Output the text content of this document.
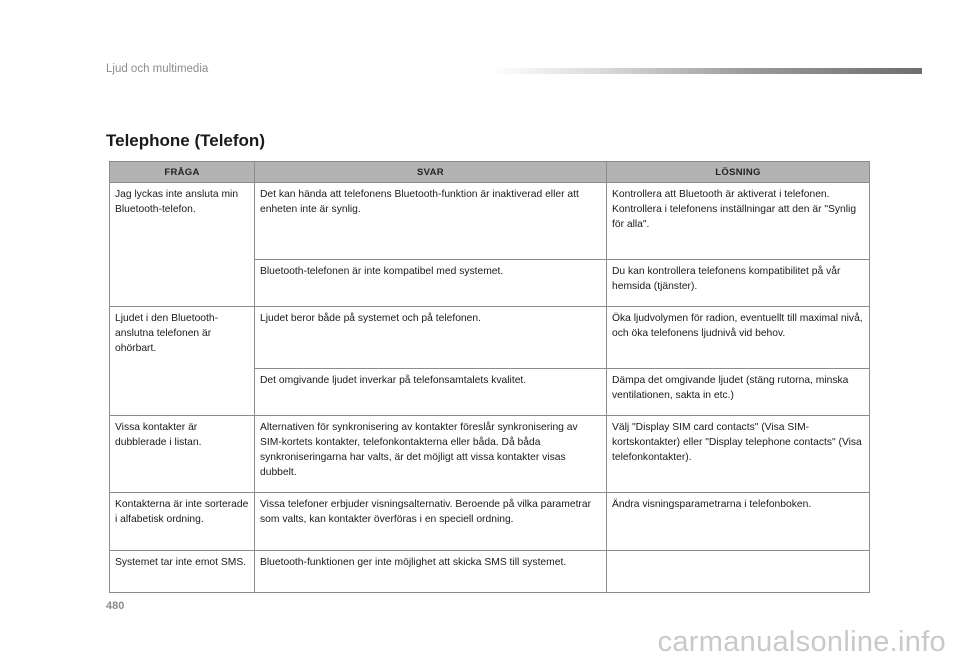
Ljud och multimedia
Telephone (Telefon)
FRÅGA	SVAR	LÖSNING
Jag lyckas inte ansluta min Bluetooth-telefon.	Det kan hända att telefonens Bluetooth-funktion är inaktiverad eller att enheten inte är synlig.	Kontrollera att Bluetooth är aktiverat i telefonen. Kontrollera i telefonens inställningar att den är "Synlig för alla".
	Bluetooth-telefonen är inte kompatibel med systemet.	Du kan kontrollera telefonens kompatibilitet på vår hemsida (tjänster).
Ljudet i den Bluetooth-anslutna telefonen är ohörbart.	Ljudet beror både på systemet och på telefonen.	Öka ljudvolymen för radion, eventuellt till maximal nivå, och öka telefonens ljudnivå vid behov.
	Det omgivande ljudet inverkar på telefonsamtalets kvalitet.	Dämpa det omgivande ljudet (stäng rutorna, minska ventilationen, sakta in etc.)
Vissa kontakter är dubblerade i listan.	Alternativen för synkronisering av kontakter föreslår synkronisering av SIM-kortets kontakter, telefonkontakterna eller båda. Då båda synkroniseringarna har valts, är det möjligt att vissa kontakter visas dubbelt.	Välj "Display SIM card contacts" (Visa SIM-kortskontakter) eller "Display telephone contacts" (Visa telefonkontakter).
Kontakterna är inte sorterade i alfabetisk ordning.	Vissa telefoner erbjuder visningsalternativ. Beroende på vilka parametrar som valts, kan kontakter överföras i en speciell ordning.	Ändra visningsparametrarna i telefonboken.
Systemet tar inte emot SMS.	Bluetooth-funktionen ger inte möjlighet att skicka SMS till systemet.	
480
carmanualsonline.info
